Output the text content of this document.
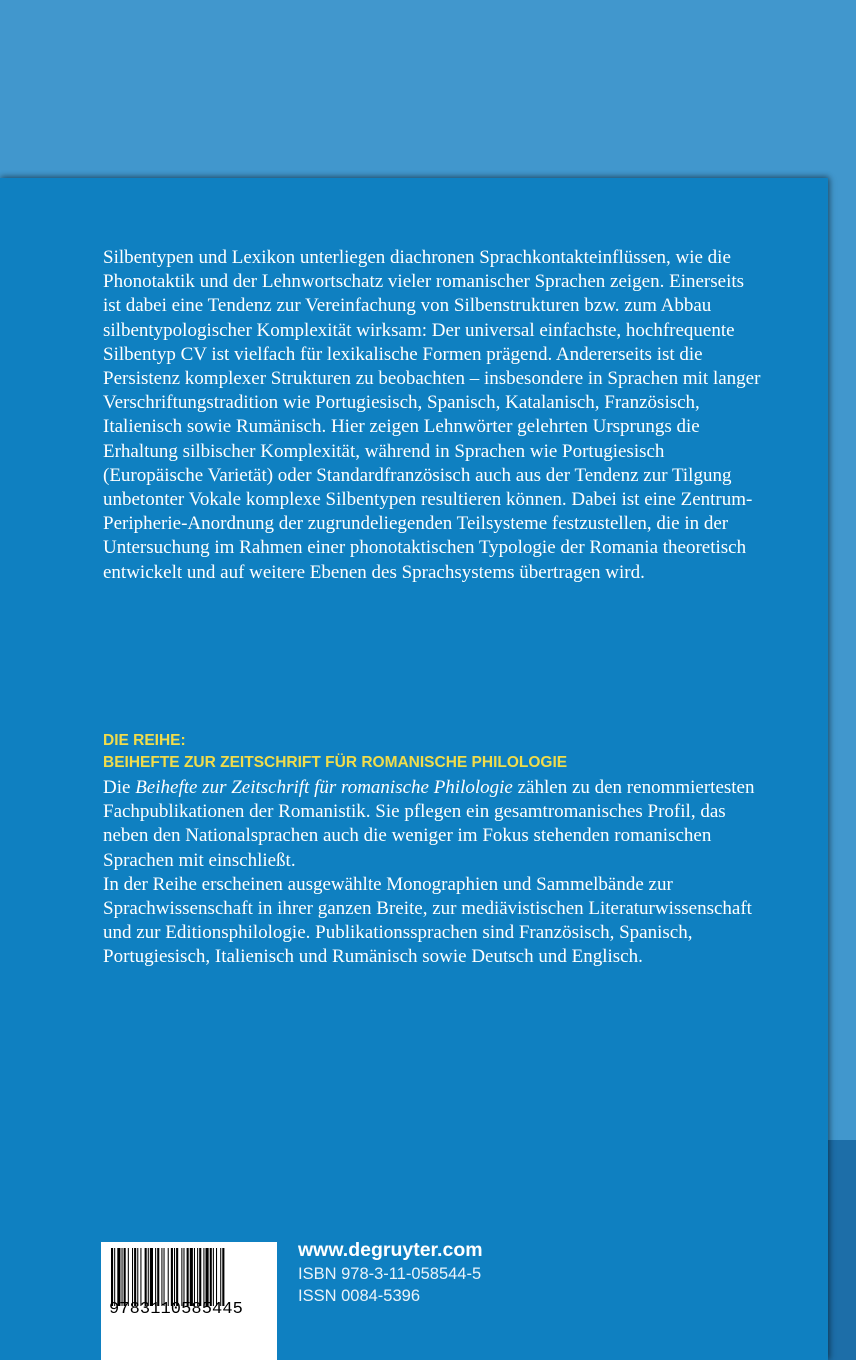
Silbentypen und Lexikon unterliegen diachronen Sprachkontakteinflüssen, wie die Phonotaktik und der Lehnwortschatz vieler romanischer Sprachen zeigen. Einerseits ist dabei eine Tendenz zur Vereinfachung von Silbenstrukturen bzw. zum Abbau silbentypologischer Komplexität wirksam: Der universal einfachste, hochfrequente Silbentyp CV ist vielfach für lexikalische Formen prägend. Andererseits ist die Persistenz komplexer Strukturen zu beobachten – insbesondere in Sprachen mit langer Verschriftungstradition wie Portugiesisch, Spanisch, Katalanisch, Französisch, Italienisch sowie Rumänisch. Hier zeigen Lehnwörter gelehrten Ursprungs die Erhaltung silbischer Komplexität, während in Sprachen wie Portugiesisch (Europäische Varietät) oder Standardfranzösisch auch aus der Tendenz zur Tilgung unbetonter Vokale komplexe Silbentypen resultieren können. Dabei ist eine Zentrum-Peripherie-Anordnung der zugrundeliegenden Teilsysteme festzustellen, die in der Untersuchung im Rahmen einer phonotaktischen Typologie der Romania theoretisch entwickelt und auf weitere Ebenen des Sprachsystems übertragen wird.

DIE REIHE:
BEIHEFTE ZUR ZEITSCHRIFT FÜR ROMANISCHE PHILOLOGIE

Die Beihefte zur Zeitschrift für romanische Philologie zählen zu den renommiertesten Fachpublikationen der Romanistik. Sie pflegen ein gesamtromanisches Profil, das neben den Nationalsprachen auch die weniger im Fokus stehenden romanischen Sprachen mit einschließt.

In der Reihe erscheinen ausgewählte Monographien und Sammelbände zur Sprachwissenschaft in ihrer ganzen Breite, zur mediävistischen Literaturwissenschaft und zur Editionsphilologie. Publikationssprachen sind Französisch, Spanisch, Portugiesisch, Italienisch und Rumänisch sowie Deutsch und Englisch.

9783110585445
www.degruyter.com
ISBN 978-3-11-058544-5
ISSN 0084-5396
